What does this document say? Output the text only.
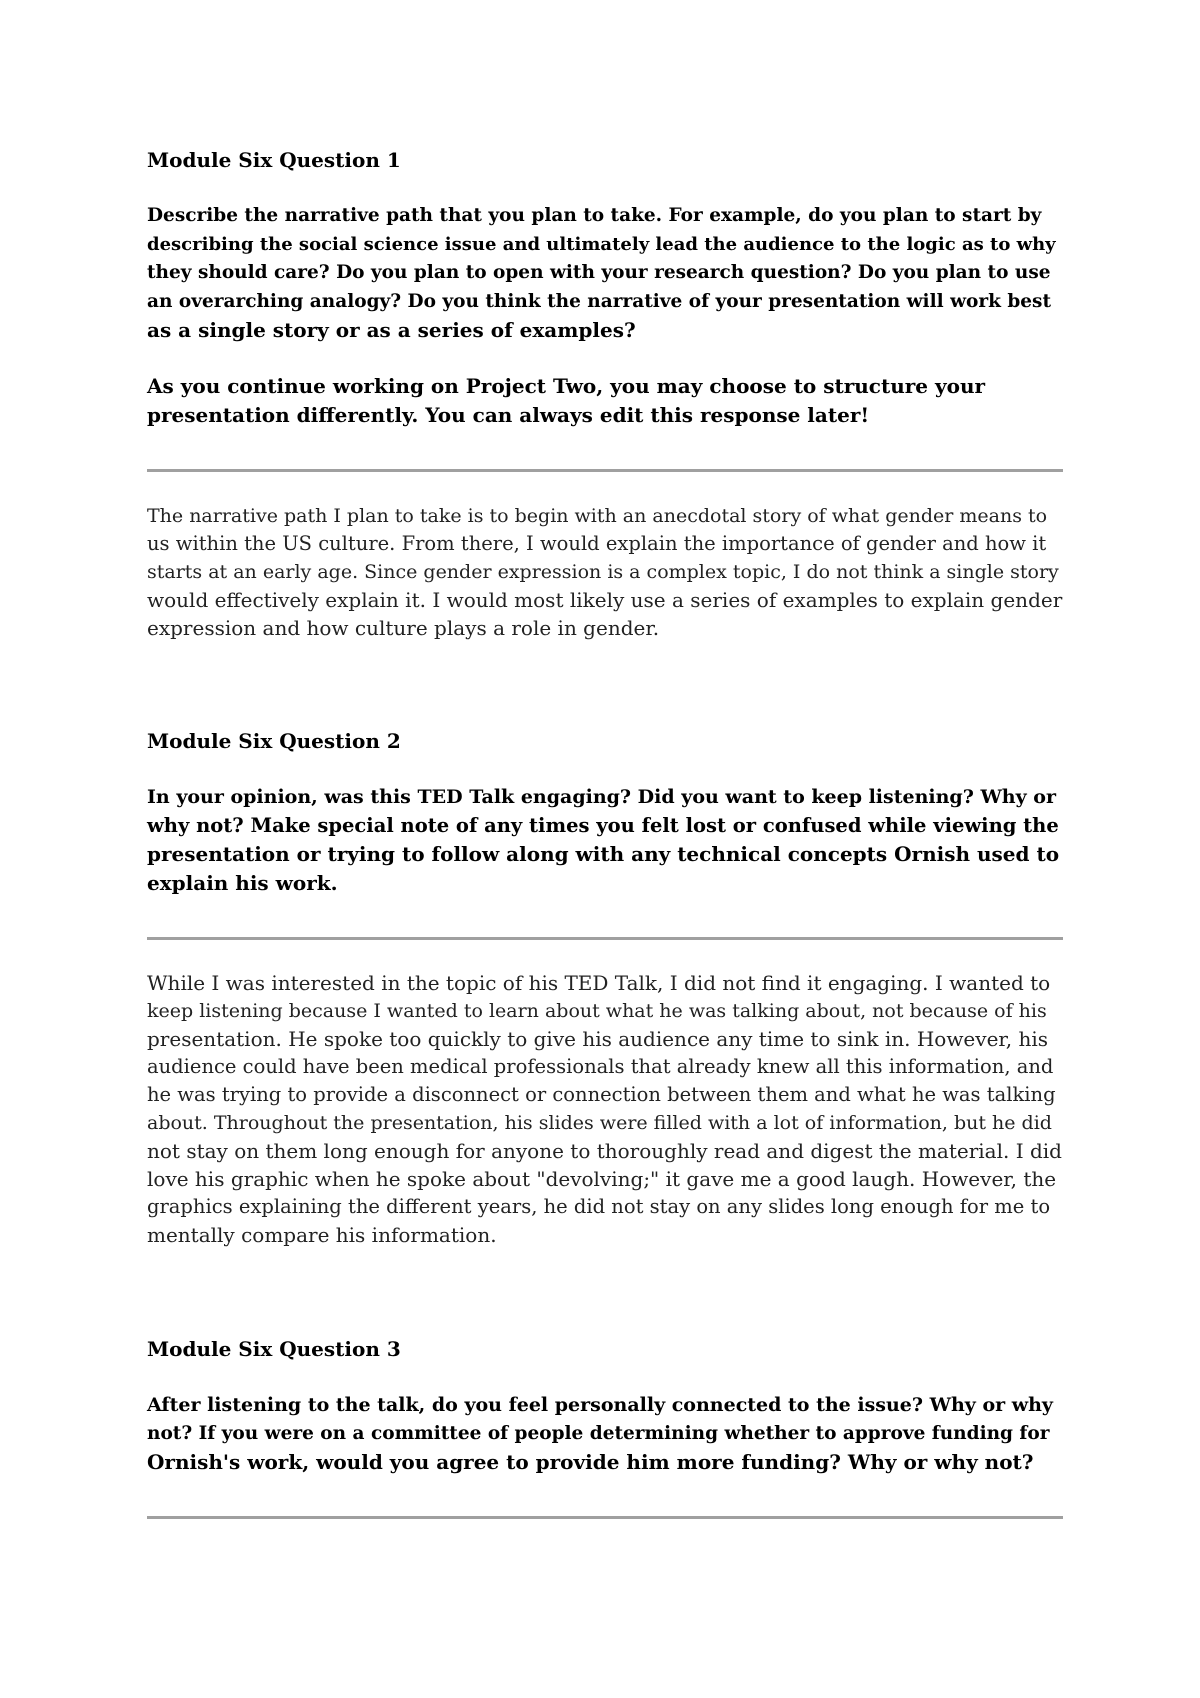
Module Six Question 1

Describe the narrative path that you plan to take. For example, do you plan to start by
describing the social science issue and ultimately lead the audience to the logic as to why
they should care? Do you plan to open with your research question? Do you plan to use
an overarching analogy? Do you think the narrative of your presentation will work best
as a single story or as a series of examples?

As you continue working on Project Two, you may choose to structure your
presentation differently. You can always edit this response later!

The narrative path I plan to take is to begin with an anecdotal story of what gender means to
us within the US culture. From there, I would explain the importance of gender and how it
starts at an early age. Since gender expression is a complex topic, I do not think a single story
would effectively explain it. I would most likely use a series of examples to explain gender
expression and how culture plays a role in gender.

Module Six Question 2

In your opinion, was this TED Talk engaging? Did you want to keep listening? Why or
why not? Make special note of any times you felt lost or confused while viewing the
presentation or trying to follow along with any technical concepts Ornish used to
explain his work.

While I was interested in the topic of his TED Talk, I did not find it engaging. I wanted to
keep listening because I wanted to learn about what he was talking about, not because of his
presentation. He spoke too quickly to give his audience any time to sink in. However, his
audience could have been medical professionals that already knew all this information, and
he was trying to provide a disconnect or connection between them and what he was talking
about. Throughout the presentation, his slides were filled with a lot of information, but he did
not stay on them long enough for anyone to thoroughly read and digest the material. I did
love his graphic when he spoke about "devolving;" it gave me a good laugh. However, the
graphics explaining the different years, he did not stay on any slides long enough for me to
mentally compare his information.

Module Six Question 3

After listening to the talk, do you feel personally connected to the issue? Why or why
not? If you were on a committee of people determining whether to approve funding for
Ornish's work, would you agree to provide him more funding? Why or why not?
